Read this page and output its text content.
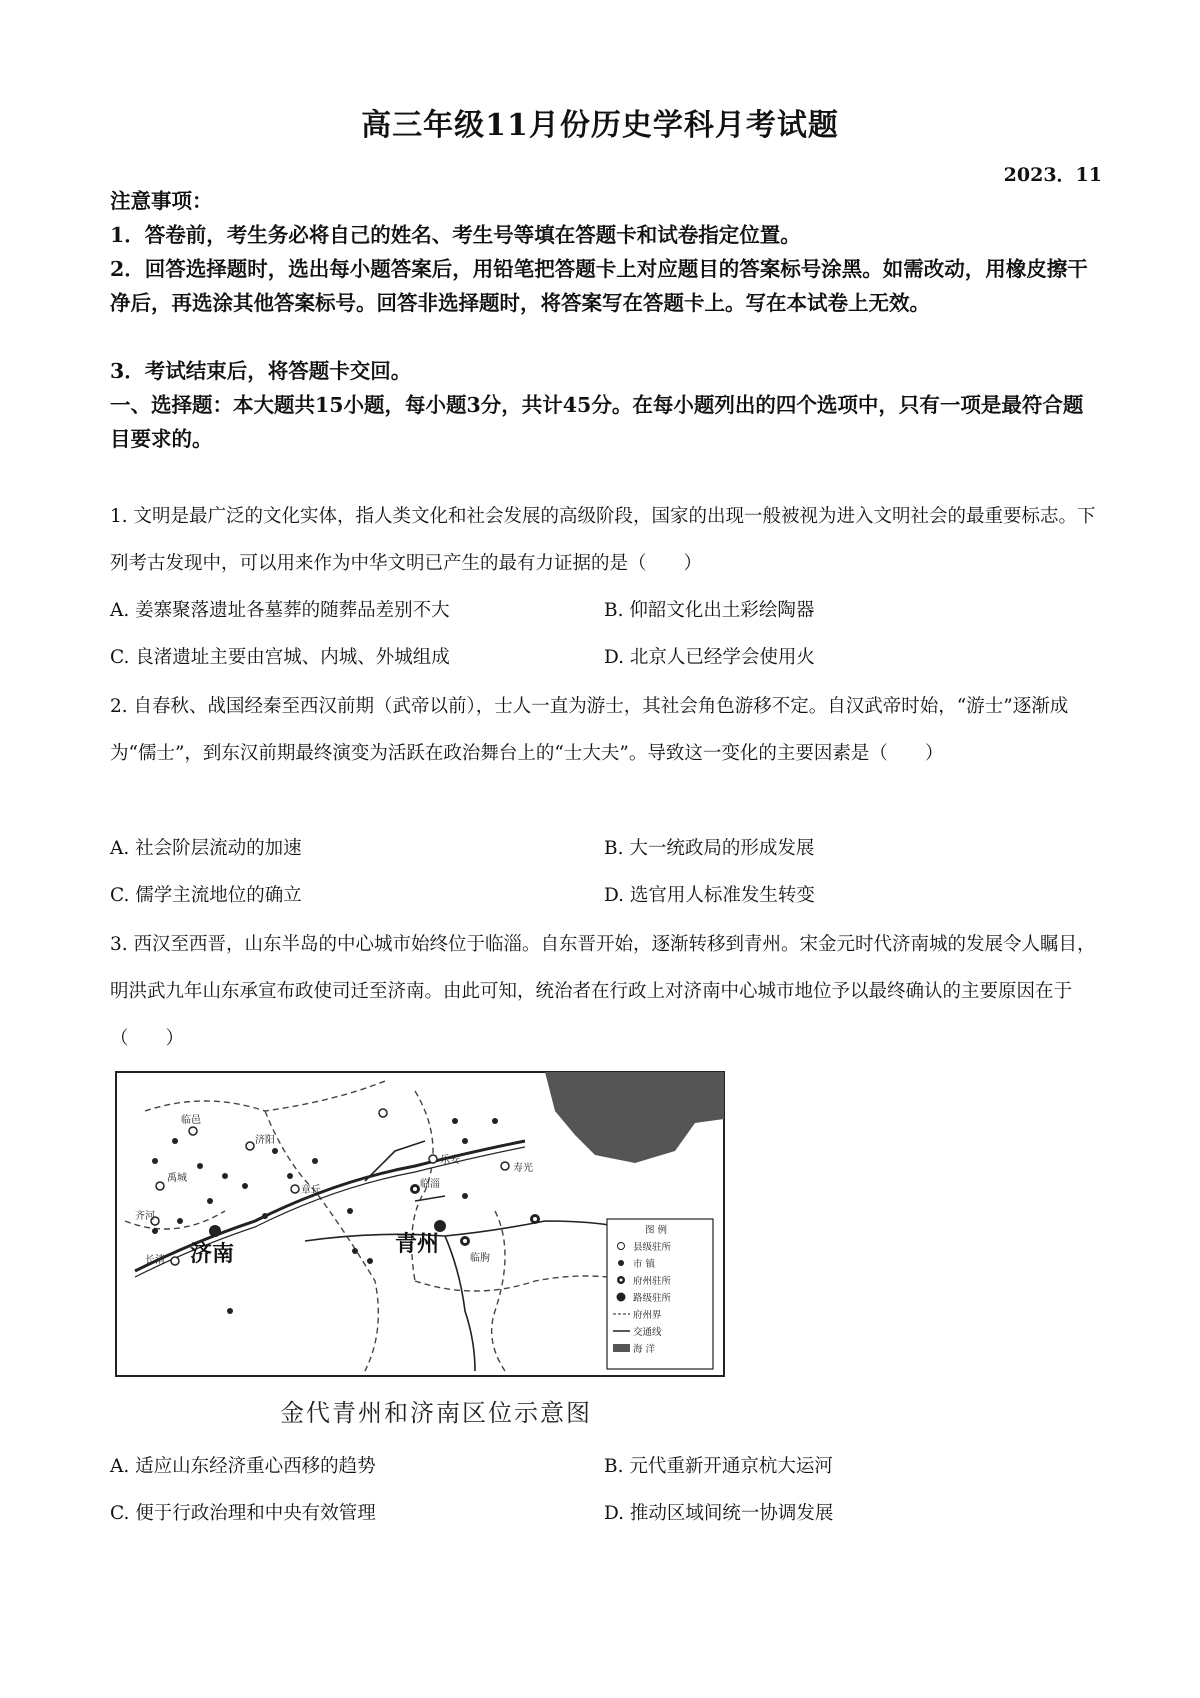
高三年级11月份历史学科月考试题
2023．11
注意事项：
1．答卷前，考生务必将自己的姓名、考生号等填在答题卡和试卷指定位置。
2．回答选择题时，选出每小题答案后，用铅笔把答题卡上对应题目的答案标号涂黑。如需改动，用橡皮擦干净后，再选涂其他答案标号。回答非选择题时，将答案写在答题卡上。写在本试卷上无效。
3．考试结束后，将答题卡交回。
一、选择题：本大题共15小题，每小题3分，共计45分。在每小题列出的四个选项中，只有一项是最符合题目要求的。
1. 文明是最广泛的文化实体，指人类文化和社会发展的高级阶段，国家的出现一般被视为进入文明社会的最重要标志。下列考古发现中，可以用来作为中华文明已产生的最有力证据的是（　　）
A. 姜寨聚落遗址各墓葬的随葬品差别不大	B. 仰韶文化出土彩绘陶器
C. 良渚遗址主要由宫城、内城、外城组成	D. 北京人已经学会使用火
2. 自春秋、战国经秦至西汉前期（武帝以前），士人一直为游士，其社会角色游移不定。自汉武帝时始，“游士”逐渐成为“儒士”，到东汉前期最终演变为活跃在政治舞台上的“士大夫”。导致这一变化的主要因素是（　　）
A. 社会阶层流动的加速	B. 大一统政局的形成发展
C. 儒学主流地位的确立	D. 选官用人标准发生转变
3. 西汉至西晋，山东半岛的中心城市始终位于临淄。自东晋开始，逐渐转移到青州。宋金元时代济南城的发展令人瞩目，明洪武九年山东承宣布政使司迁至济南。由此可知，统治者在行政上对济南中心城市地位予以最终确认的主要原因在于（　　）
临邑
禹城
济阳
齐河
长清
章丘
乐安
寿光
临淄
临朐
济南	青州
图 例
县级驻所
市 镇
府州驻所
路级驻所
府州界
交通线
海 洋
金代青州和济南区位示意图
A. 适应山东经济重心西移的趋势	B. 元代重新开通京杭大运河
C. 便于行政治理和中央有效管理	D. 推动区域间统一协调发展
